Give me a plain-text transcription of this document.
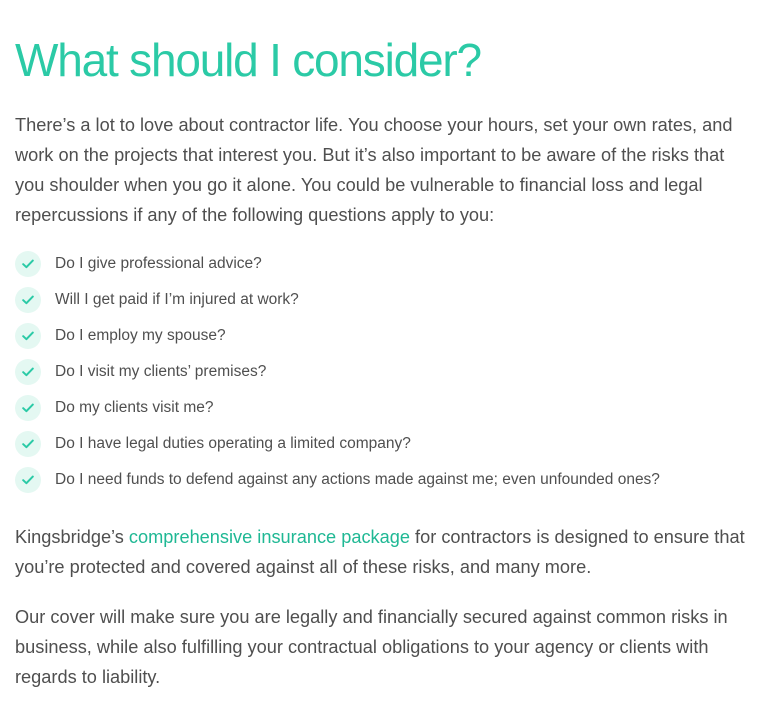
What should I consider?

There’s a lot to love about contractor life. You choose your hours, set your own rates, and work on the projects that interest you. But it’s also important to be aware of the risks that you shoulder when you go it alone. You could be vulnerable to financial loss and legal repercussions if any of the following questions apply to you:

Do I give professional advice?
Will I get paid if I’m injured at work?
Do I employ my spouse?
Do I visit my clients’ premises?
Do my clients visit me?
Do I have legal duties operating a limited company?
Do I need funds to defend against any actions made against me; even unfounded ones?

Kingsbridge’s comprehensive insurance package for contractors is designed to ensure that you’re protected and covered against all of these risks, and many more.

Our cover will make sure you are legally and financially secured against common risks in business, while also fulfilling your contractual obligations to your agency or clients with regards to liability.
